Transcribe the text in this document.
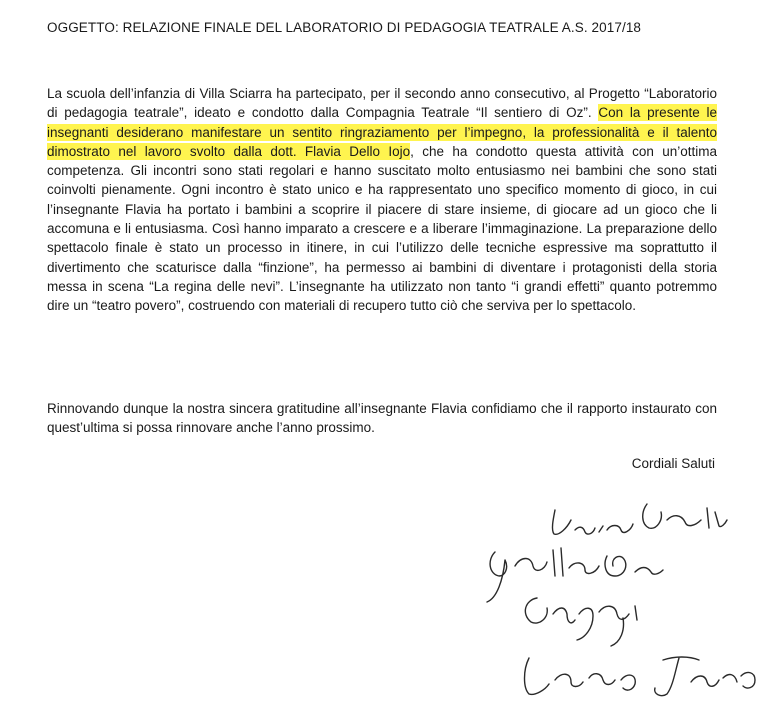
OGGETTO: RELAZIONE FINALE DEL LABORATORIO DI PEDAGOGIA TEATRALE A.S. 2017/18

La scuola dell’infanzia di Villa Sciarra ha partecipato, per il secondo anno consecutivo, al Progetto “Laboratorio di pedagogia teatrale”, ideato e condotto dalla Compagnia Teatrale “Il sentiero di Oz”. Con la presente le insegnanti desiderano manifestare un sentito ringraziamento per l’impegno, la professionalità e il talento dimostrato nel lavoro svolto dalla dott. Flavia Dello Iojo, che ha condotto questa attività con un’ottima competenza. Gli incontri sono stati regolari e hanno suscitato molto entusiasmo nei bambini che sono stati coinvolti pienamente. Ogni incontro è stato unico e ha rappresentato uno specifico momento di gioco, in cui l’insegnante Flavia ha portato i bambini a scoprire il piacere di stare insieme, di giocare ad un gioco che li accomuna e li entusiasma. Così hanno imparato a crescere e a liberare l’immaginazione. La preparazione dello spettacolo finale è stato un processo in itinere, in cui l’utilizzo delle tecniche espressive ma soprattutto il divertimento che scaturisce dalla “finzione”, ha permesso ai bambini di diventare i protagonisti della storia messa in scena “La regina delle nevi”. L’insegnante ha utilizzato non tanto “i grandi effetti” quanto potremmo dire un “teatro povero”, costruendo con materiali di recupero tutto ciò che serviva per lo spettacolo.

Rinnovando dunque la nostra sincera gratitudine all’insegnante Flavia confidiamo che il rapporto instaurato con quest’ultima si possa rinnovare anche l’anno prossimo.

Cordiali Saluti
